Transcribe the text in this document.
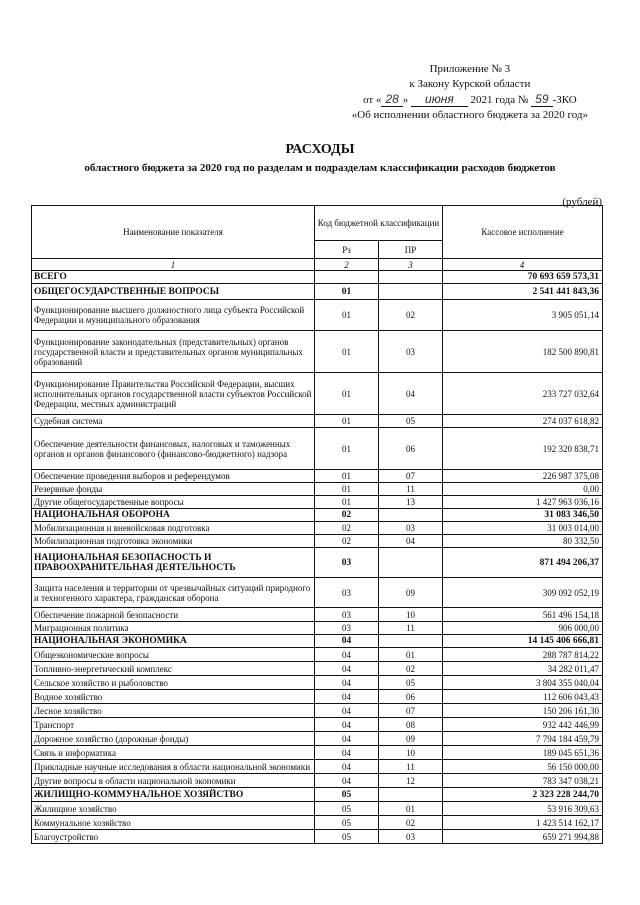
Приложение № 3
к Закону Курской области
от « 28 » июня 2021 года № 59 -ЗКО
«Об исполнении областного бюджета за 2020 год»
РАСХОДЫ
областного бюджета за 2020 год по разделам и подразделам классификации расходов бюджетов
(рублей)
Наименование показателя	Код бюджетной классификации		Кассовое исполнение
	Рз	ПР	
1	2	3	4
ВСЕГО			70 693 659 573,31
ОБЩЕГОСУДАРСТВЕННЫЕ ВОПРОСЫ	01		2 541 441 843,36
Функционирование высшего должностного лица субъекта Российской Федерации и муниципального образования	01	02	3 905 051,14
Функционирование законодательных (представительных) органов государственной власти и представительных органов муниципальных образований	01	03	182 500 890,81
Функционирование Правительства Российской Федерации, высших исполнительных органов государственной власти субъектов Российской Федерации, местных администраций	01	04	233 727 032,64
Судебная система	01	05	274 037 618,82
Обеспечение деятельности финансовых, налоговых и таможенных органов и органов финансового (финансово-бюджетного) надзора	01	06	192 320 838,71
Обеспечение проведения выборов и референдумов	01	07	226 987 375,08
Резервные фонды	01	11	0,00
Другие общегосударственные вопросы	01	13	1 427 963 036,16
НАЦИОНАЛЬНАЯ ОБОРОНА	02		31 083 346,50
Мобилизационная и вневойсковая подготовка	02	03	31 003 014,00
Мобилизационная подготовка экономики	02	04	80 332,50
НАЦИОНАЛЬНАЯ БЕЗОПАСНОСТЬ И ПРАВООХРАНИТЕЛЬНАЯ ДЕЯТЕЛЬНОСТЬ	03		871 494 206,37
Защита населения и территории от чрезвычайных ситуаций природного и техногенного характера, гражданская оборона	03	09	309 092 052,19
Обеспечение пожарной безопасности	03	10	561 496 154,18
Миграционная политика	03	11	906 000,00
НАЦИОНАЛЬНАЯ ЭКОНОМИКА	04		14 145 406 666,81
Общеэкономические вопросы	04	01	288 787 814,22
Топливно-энергетический комплекс	04	02	34 282 011,47
Сельское хозяйство и рыболовство	04	05	3 804 355 040,04
Водное хозяйство	04	06	112 606 043,43
Лесное хозяйство	04	07	150 206 161,30
Транспорт	04	08	932 442 446,99
Дорожное хозяйство (дорожные фонды)	04	09	7 794 184 459,79
Связь и информатика	04	10	189 045 651,36
Прикладные научные исследования в области национальной экономики	04	11	56 150 000,00
Другие вопросы в области национальной экономики	04	12	783 347 038,21
ЖИЛИЩНО-КОММУНАЛЬНОЕ ХОЗЯЙСТВО	05		2 323 228 244,70
Жилищное хозяйство	05	01	53 916 309,63
Коммунальное хозяйство	05	02	1 423 514 162,17
Благоустройство	05	03	659 271 994,88
